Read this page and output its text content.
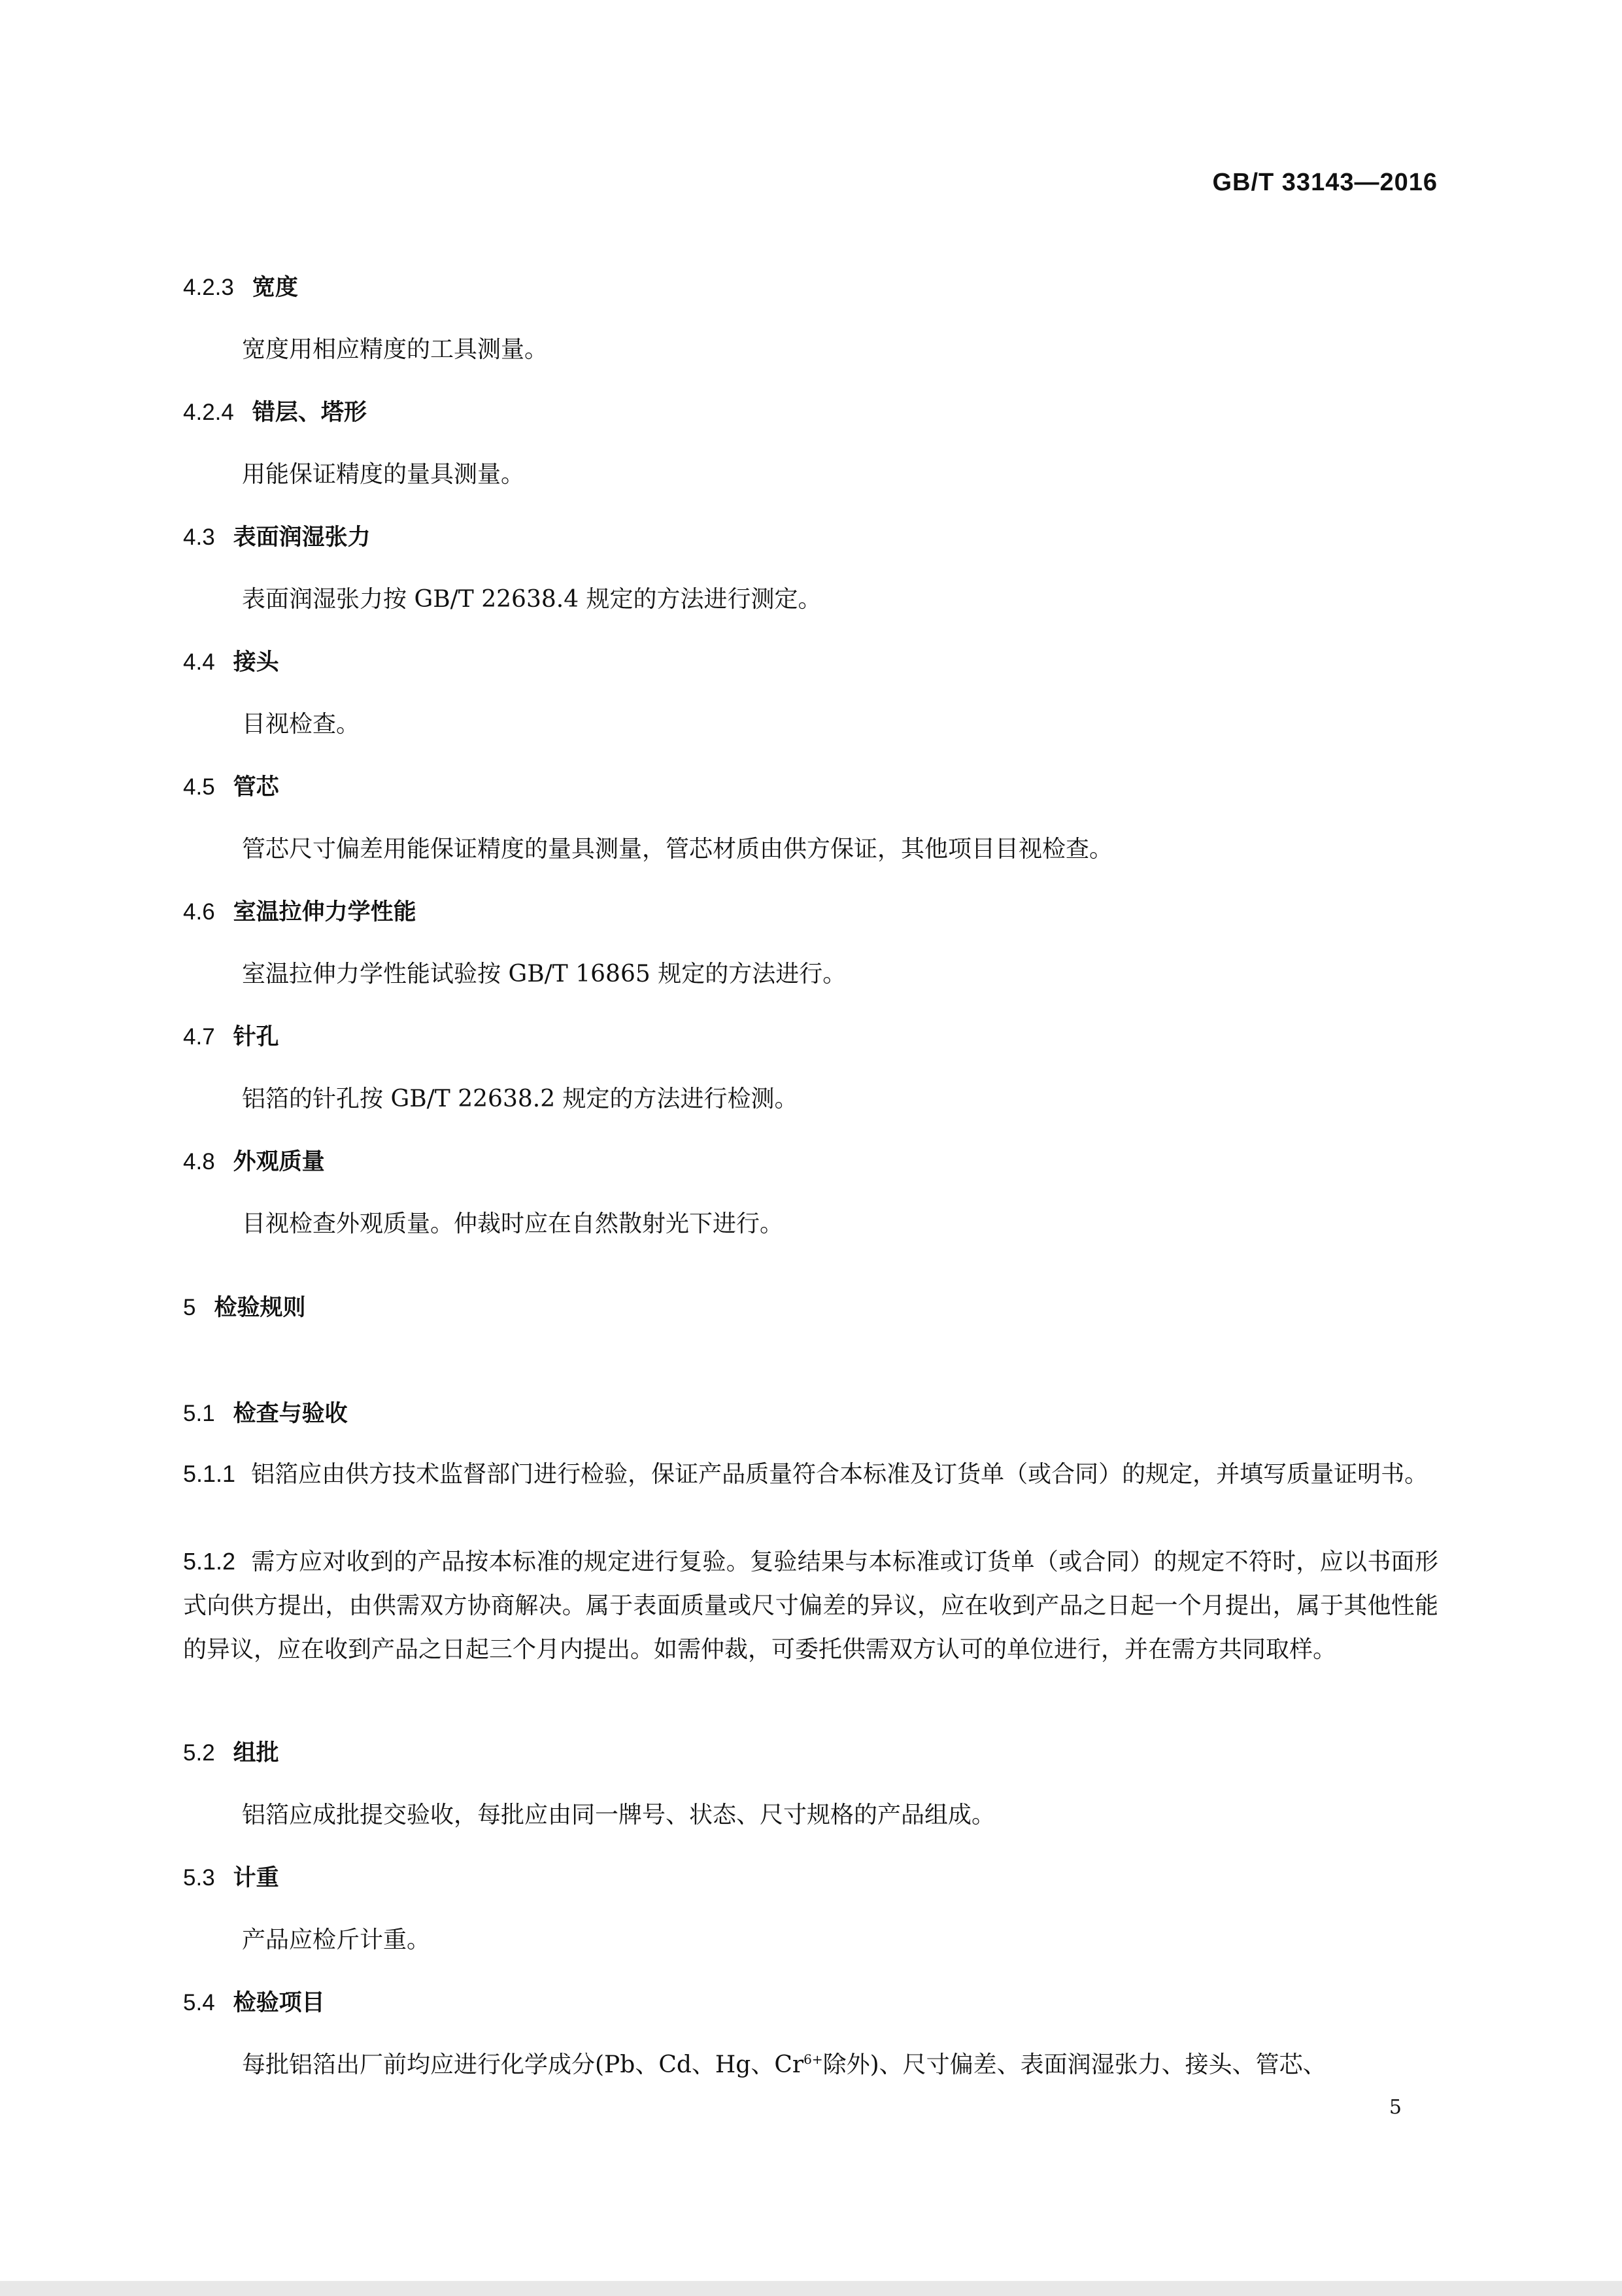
GB/T 33143—2016
4.2.3 宽度
宽度用相应精度的工具测量。
4.2.4 错层、塔形
用能保证精度的量具测量。
4.3 表面润湿张力
表面润湿张力按 GB/T 22638.4 规定的方法进行测定。
4.4 接头
目视检查。
4.5 管芯
管芯尺寸偏差用能保证精度的量具测量，管芯材质由供方保证，其他项目目视检查。
4.6 室温拉伸力学性能
室温拉伸力学性能试验按 GB/T 16865 规定的方法进行。
4.7 针孔
铝箔的针孔按 GB/T 22638.2 规定的方法进行检测。
4.8 外观质量
目视检查外观质量。仲裁时应在自然散射光下进行。
5 检验规则
5.1 检查与验收
5.1.1 铝箔应由供方技术监督部门进行检验，保证产品质量符合本标准及订货单（或合同）的规定，并填写质量证明书。
5.1.2 需方应对收到的产品按本标准的规定进行复验。复验结果与本标准或订货单（或合同）的规定不符时，应以书面形式向供方提出，由供需双方协商解决。属于表面质量或尺寸偏差的异议，应在收到产品之日起一个月提出，属于其他性能的异议，应在收到产品之日起三个月内提出。如需仲裁，可委托供需双方认可的单位进行，并在需方共同取样。
5.2 组批
铝箔应成批提交验收，每批应由同一牌号、状态、尺寸规格的产品组成。
5.3 计重
产品应检斤计重。
5.4 检验项目
每批铝箔出厂前均应进行化学成分(Pb、Cd、Hg、$Cr^{6+}$除外)、尺寸偏差、表面润湿张力、接头、管芯、
5
